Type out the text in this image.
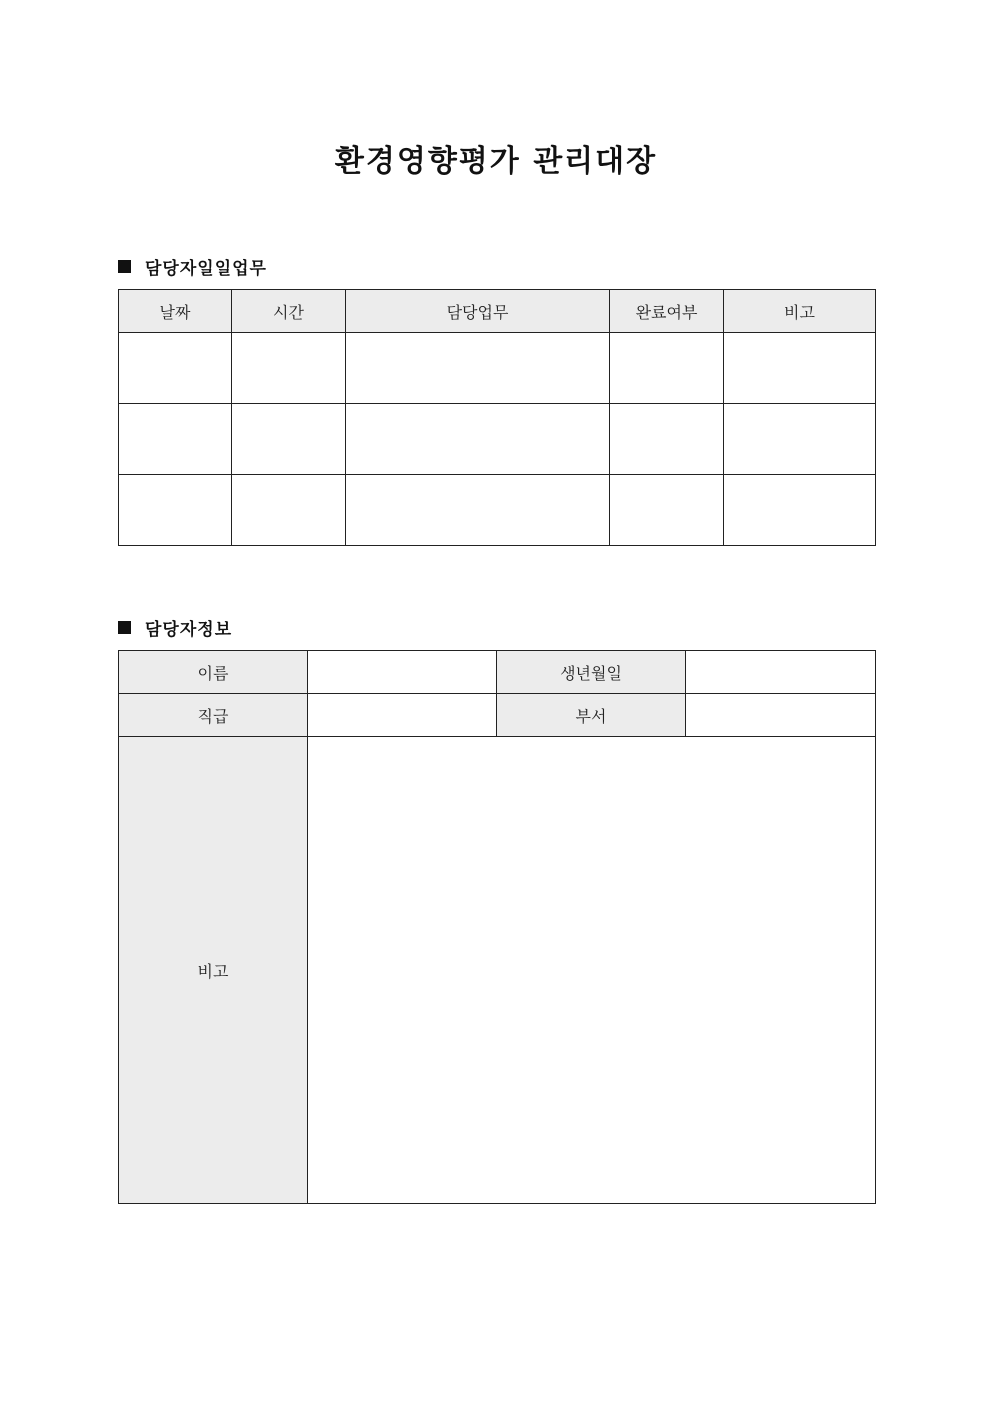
환경영향평가 관리대장
담당자일일업무
날짜	시간	담당업무	완료여부	비고

담당자정보
이름		생년월일	
직급		부서	
비고			
